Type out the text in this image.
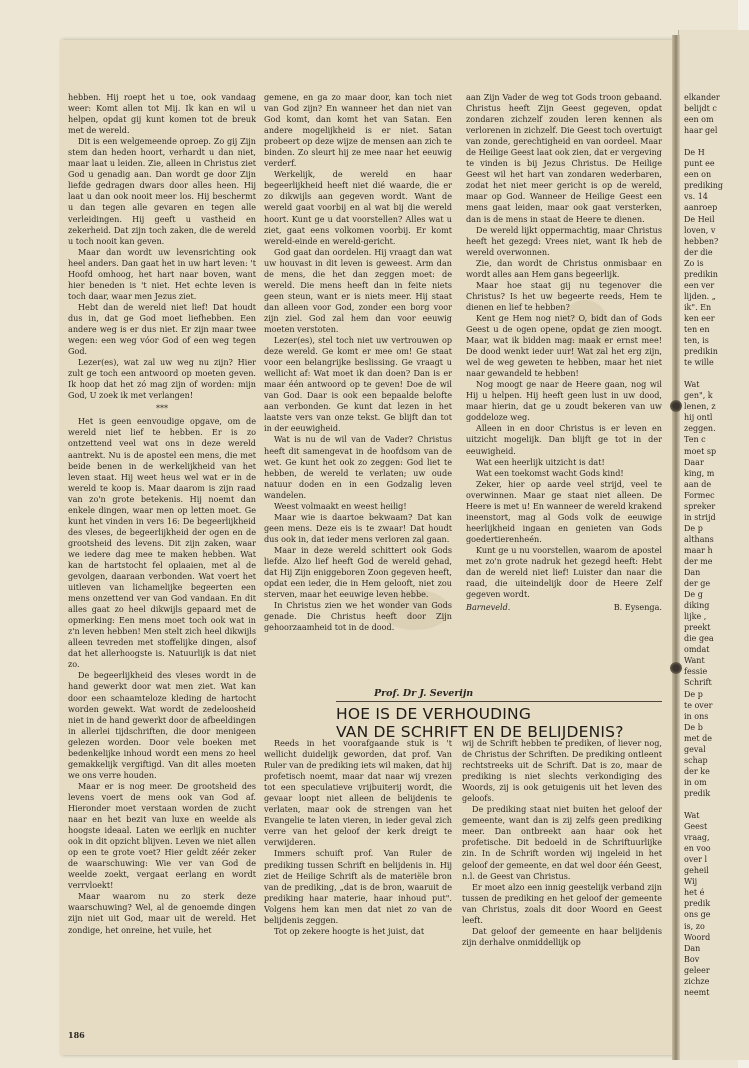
hebben. Hij roept het u toe, ook vandaag weer: Komt allen tot Mij. Ik kan en wil u helpen, opdat gij kunt komen tot de breuk met de wereld.

Dit is een welgemeende oproep. Zo gij Zijn stem dan heden hoort, verhardt u dan niet, maar laat u leiden. Zie, alleen in Christus ziet God u genadig aan. Dan wordt ge door Zijn liefde gedragen dwars door alles heen. Hij laat u dan ook nooit meer los. Hij beschermt u dan tegen alle gevaren en tegen alle verleidingen. Hij geeft u vastheid en zekerheid. Dat zijn toch zaken, die de wereld u toch nooit kan geven.

Maar dan wordt uw levensrichting ook heel anders. Dan gaat het in uw hart leven: 't Hoofd omhoog, het hart naar boven, want hier beneden is 't niet. Het echte leven is toch daar, waar men Jezus ziet.

Hebt dan de wereld niet lief! Dat houdt dus in, dat ge God moet liefhebben. Een andere weg is er dus niet. Er zijn maar twee wegen: een weg vóor God of een weg tegen God.

Lezer(es), wat zal uw weg nu zijn? Hier zult ge toch een antwoord op moeten geven. Ik hoop dat het zó mag zijn of worden: mijn God, U zoek ik met verlangen!

***

Het is geen eenvoudige opgave, om de wereld niet lief te hebben. Er is zo ontzettend veel wat ons in deze wereld aantrekt. Nu is de apostel een mens, die met beide benen in de werkelijkheid van het leven staat. Hij weet heus wel wat er in de wereld te koop is. Maar daarom is zijn raad van zo'n grote betekenis. Hij noemt dan enkele dingen, waar men op letten moet. Ge kunt het vinden in vers 16: De begeerlijkheid des vleses, de begeerlijkheid der ogen en de grootsheid des levens. Dit zijn zaken, waar we iedere dag mee te maken hebben. Wat kan de hartstocht fel oplaaien, met al de gevolgen, daaraan verbonden. Wat voert het uitleven van lichamelijke begeerten een mens onzettend ver van God vandaan. En dit alles gaat zo heel dikwijls gepaard met de opmerking: Een mens moet toch ook wat in z'n leven hebben! Men stelt zich heel dikwijls alleen tevreden met stoffelijke dingen, alsof dat het allerhoogste is. Natuurlijk is dat niet zo.

De begeerlijkheid des vleses wordt in de hand gewerkt door wat men ziet. Wat kan door een schaamteloze kleding de hartocht worden gewekt. Wat wordt de zedeloosheid niet in de hand gewerkt door de afbeeldingen in allerlei tijdschriften, die door menigeen gelezen worden. Door vele boeken met bedenkelijke inhoud wordt een mens zo heel gemakkelijk vergiftigd. Van dit alles moeten we ons verre houden.

Maar er is nog meer. De grootsheid des levens voert de mens ook van God af. Hieronder moet verstaan worden de zucht naar en het bezit van luxe en weelde als hoogste ideaal. Laten we eerlijk en nuchter ook in dit opzicht blijven. Leven we niet allen op een te grote voet? Hier geldt zéér zeker de waarschuwing: Wie ver van God de weelde zoekt, vergaat eerlang en wordt verrvloekt!

Maar waarom nu zo sterk deze waarschuwing? Wel, al de genoemde dingen zijn niet uit God, maar uit de wereld. Het zondige, het onreine, het vuile, het

gemene, en ga zo maar door, kan toch niet van God zijn? En wanneer het dan niet van God komt, dan komt het van Satan. Een andere mogelijkheid is er niet. Satan probeert op deze wijze de mensen aan zich te binden. Zo sleurt hij ze mee naar het eeuwig verderf.

Werkelijk, de wereld en haar begeerlijkheid heeft niet dié waarde, die er zo dikwijls aan gegeven wordt. Want de wereld gaat voorbij en al wat bij die wereld hoort. Kunt ge u dat voorstellen? Alles wat u ziet, gaat eens volkomen voorbij. Er komt wereld-einde en wereld-gericht.

God gaat dan oordelen. Hij vraagt dan wat uw houvast in dit leven is geweest. Arm dan de mens, die het dan zeggen moet: de wereld. Die mens heeft dan in feite niets geen steun, want er is niets meer. Hij staat dan alleen voor God, zonder een borg voor zijn ziel. God zal hem dan voor eeuwig moeten verstoten.

Lezer(es), stel toch niet uw vertrouwen op deze wereld. Ge komt er mee om! Ge staat voor een belangrijke beslissing. Ge vraagt u wellicht af: Wat moet ik dan doen? Dan is er maar één antwoord op te geven! Doe de wil van God. Daar is ook een bepaalde belofte aan verbonden. Ge kunt dat lezen in het laatste vers van onze tekst. Ge blijft dan tot in der eeuwigheid.

Wat is nu de wil van de Vader? Christus heeft dit samengevat in de hoofdsom van de wet. Ge kunt het ook zo zeggen: God liet te hebben, de wereld te verlaten; uw oude natuur doden en in een Godzalig leven wandelen.

Weest volmaakt en weest heilig!

Maar wie is daartoe bekwaam? Dat kan geen mens. Deze eis is te zwaar! Dat houdt dus ook in, dat ieder mens verloren zal gaan.

Maar in deze wereld schittert ook Gods liefde. Alzo lief heeft God de wereld gehad, dat Hij Zijn eniggeboren Zoon gegeven heeft, opdat een ieder, die in Hem gelooft, niet zou sterven, maar het eeuwige leven hebbe.

In Christus zien we het wonder van Gods genade. Die Christus heeft door Zijn gehoorzaamheid tot in de dood.

aan Zijn Vader de weg tot Gods troon gebaand. Christus heeft Zijn Geest gegeven, opdat zondaren zichzelf zouden leren kennen als verlorenen in zichzelf. Die Geest toch overtuigt van zonde, gerechtigheid en van oordeel. Maar de Heilige Geest laat ook zien, dat er vergeving te vinden is bij Jezus Christus. De Heilige Geest wil het hart van zondaren wederbaren, zodat het niet meer gericht is op de wereld, maar op God. Wanneer de Heilige Geest een mens gaat leiden, maar ook gaat versterken, dan is de mens in staat de Heere te dienen.

De wereld lijkt oppermachtig, maar Christus heeft het gezegd: Vrees niet, want Ik heb de wereld overwonnen.

Zie, dan wordt de Christus onmisbaar en wordt alles aan Hem gans begeerlijk.

Maar hoe staat gij nu tegenover die Christus? Is het uw begeerte reeds, Hem te dienen en lief te hebben?

Kent ge Hem nog niet? O, bidt dan of Gods Geest u de ogen opene, opdat ge zien moogt. Maar, wat ik bidden mag: maak er ernst mee! De dood wenkt ieder uur! Wat zal het erg zijn, wel de weg geweten te hebben, maar het niet naar gewandeld te hebben!

Nog moogt ge naar de Heere gaan, nog wil Hij u helpen. Hij heeft geen lust in uw dood, maar hierin, dat ge u zoudt bekeren van uw goddeloze weg.

Alleen in en door Christus is er leven en uitzicht mogelijk. Dan blijft ge tot in der eeuwigheid.

Wat een heerlijk uitzicht is dat!

Wat een toekomst wacht Gods kind!

Zeker, hier op aarde veel strijd, veel te overwinnen. Maar ge staat niet alleen. De Heere is met u! En wanneer de wereld krakend ineenstort, mag al Gods volk de eeuwige heerlijkheid ingaan en genieten van Gods goedertierenheén.

Kunt ge u nu voorstellen, waarom de apostel met zo'n grote nadruk het gezegd heeft: Hebt dan de wereld niet lief! Luister dan naar die raad, die uiteindelijk door de Heere Zelf gegeven wordt.

Barneveld.	B. Eysenga.
Prof. Dr J. Severijn
HOE IS DE VERHOUDING
VAN DE SCHRIFT EN DE BELIJDENIS?

Reeds in het voorafgaande stuk is 't wellicht duidelijk geworden, dat prof. Van Ruler van de prediking iets wil maken, dat hij profetisch noemt, maar dat naar wij vrezen tot een speculatieve vrijbuiterij wordt, die gevaar loopt niet alleen de belijdenis te verlaten, maar ook de strengen van het Evangelie te laten vieren, in ieder geval zich verre van het geloof der kerk dreigt te verwijderen.

Immers schuift prof. Van Ruler de prediking tussen Schrift en belijdenis in. Hij ziet de Heilige Schrift als de materiële bron van de prediking, „dat is de bron, waaruit de prediking haar materie, haar inhoud put". Volgens hem kan men dat niet zo van de belijdenis zeggen.

Tot op zekere hoogte is het juist, dat

wij de Schrift hebben te prediken, of liever nog, de Christus der Schriften. De prediking ontleent rechtstreeks uit de Schrift. Dat is zo, maar de prediking is niet slechts verkondiging des Woords, zij is ook getuigenis uit het leven des geloofs.

De prediking staat niet buiten het geloof der gemeente, want dan is zij zelfs geen prediking meer. Dan ontbreekt aan haar ook het profetische. Dit bedoeld in de Schriftuurlijke zin. In de Schrift worden wij ingeleid in het geloof der gemeente, en dat wel door één Geest, n.l. de Geest van Christus.

Er moet alzo een innig geestelijk verband zijn tussen de prediking en het geloof der gemeente van Christus, zoals dit door Woord en Geest leeft.

Dat geloof der gemeente en haar belijdenis zijn derhalve onmiddellijk op

elkander
belijdt c
een om
haar gel
De H
punt ee
een on
prediking
vs. 14
aanroep
De Heil
loven, v
hebben?
der die
Zo is
predikin
een ver
lijden. „
ik". En
ken eer
ten en
ten, is
predikin
te wille
Wat
gen", k
lenen, z
hij ontl
zeggen.
Ten c
moet sp
Daar
king, m
aan de
Formec
spreker
in strijd
De p
althans
maar h
der me
Dan
der ge
De g
diking
lijke ,
preekt
die gea
omdat
Want
fessie
Schrift
De p
te over
in ons
De b
met de
geval
schap
der ke
in om
predik
Wat
Geest
vraag,
en voo
over l
geheil
Wij
het é
predik
ons ge
is, zo
Woord
Dan
Bov
geleer
zichze
neemt
186
